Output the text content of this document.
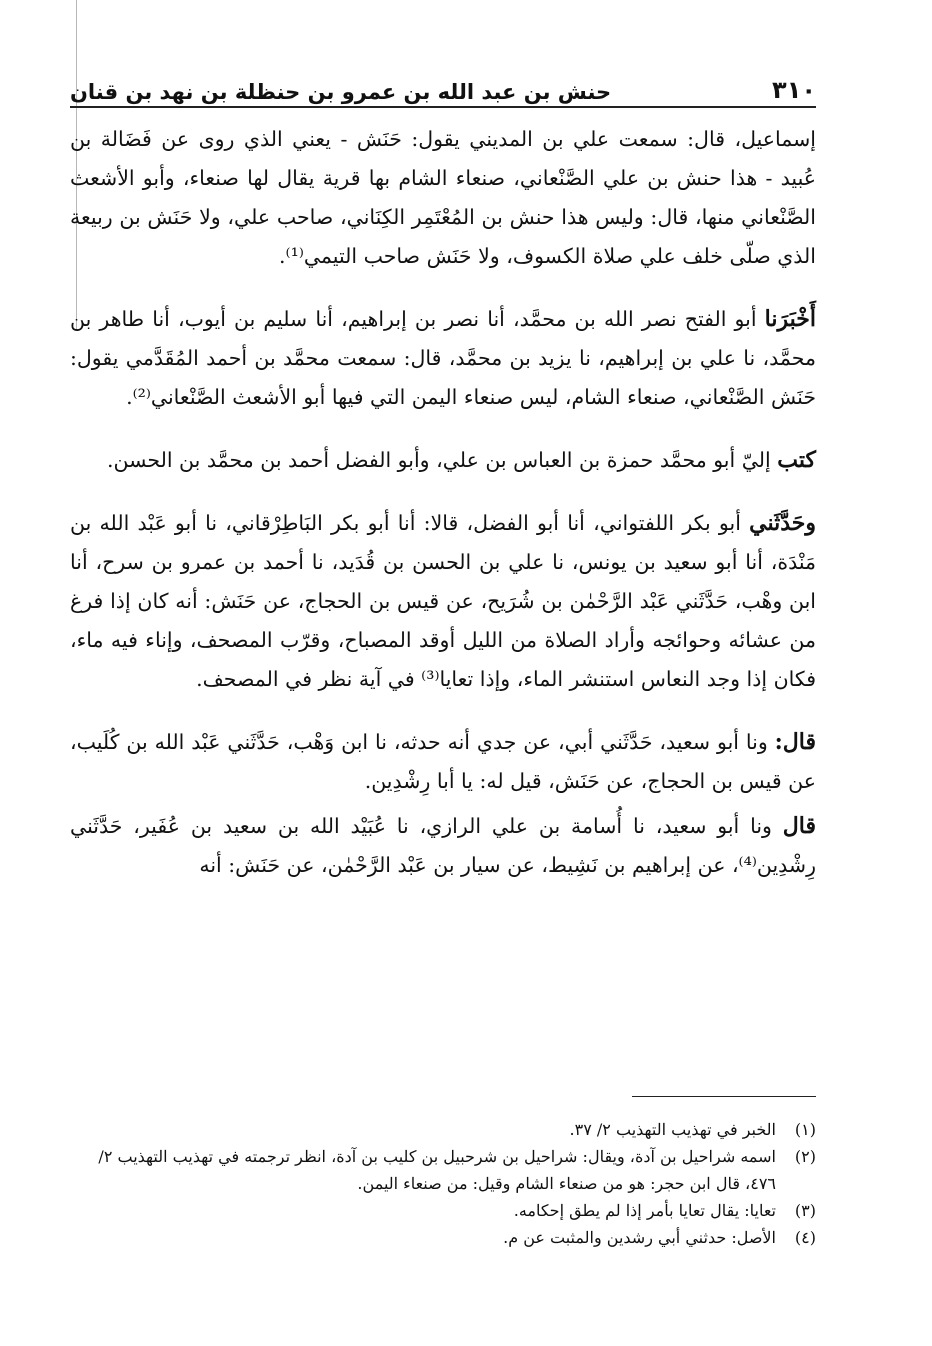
٣١٠
حنش بن عبد الله بن عمرو بن حنظلة بن نهد بن قنان

إسماعيل، قال: سمعت علي بن المديني يقول: حَنَش - يعني الذي روى عن فَضَالة بن عُبيد - هذا حنش بن علي الصَّنْعاني، صنعاء الشام بها قرية يقال لها صنعاء، وأبو الأشعث الصَّنْعاني منها، قال: وليس هذا حنش بن المُعْتَمِر الكِنَاني، صاحب علي، ولا حَنَش بن ربيعة الذي صلّى خلف علي صلاة الكسوف، ولا حَنَش صاحب التيمي⁽¹⁾.

أَخْبَرَنا أبو الفتح نصر الله بن محمَّد، أنا نصر بن إبراهيم، أنا سليم بن أيوب، أنا طاهر بن محمَّد، نا علي بن إبراهيم، نا يزيد بن محمَّد، قال: سمعت محمَّد بن أحمد المُقَدَّمي يقول: حَنَش الصَّنْعاني، صنعاء الشام، ليس صنعاء اليمن التي فيها أبو الأشعث الصَّنْعاني⁽²⁾.

كتب إليّ أبو محمَّد حمزة بن العباس بن علي، وأبو الفضل أحمد بن محمَّد بن الحسن.

وحَدَّثَني أبو بكر اللفتواني، أنا أبو الفضل، قالا: أنا أبو بكر البَاطِرْقاني، نا أبو عَبْد الله بن مَنْدَة، أنا أبو سعيد بن يونس، نا علي بن الحسن بن قُدَيد، نا أحمد بن عمرو بن سرح، أنا ابن وهْب، حَدَّثَني عَبْد الرَّحْمٰن بن شُرَيح، عن قيس بن الحجاج، عن حَنَش: أنه كان إذا فرغ من عشائه وحوائجه وأراد الصلاة من الليل أوقد المصباح، وقرّب المصحف، وإناء فيه ماء، فكان إذا وجد النعاس استنشر الماء، وإذا تعايا⁽³⁾ في آية نظر في المصحف.

قال: ونا أبو سعيد، حَدَّثَني أبي، عن جدي أنه حدثه، نا ابن وَهْب، حَدَّثَني عَبْد الله بن كُلَيب، عن قيس بن الحجاج، عن حَنَش، قيل له: يا أبا رِشْدِين.

قال ونا أبو سعيد، نا أُسامة بن علي الرازي، نا عُبَيْد الله بن سعيد بن عُفَير، حَدَّثَني رِشْدِين⁽⁴⁾، عن إبراهيم بن نَشِيط، عن سيار بن عَبْد الرَّحْمٰن، عن حَنَش: أنه

(١)
الخبر في تهذيب التهذيب ٢/ ٣٧.
(٢)
اسمه شراحيل بن آدة، ويقال: شراحيل بن شرحبيل بن كليب بن آدة، انظر ترجمته في تهذيب التهذيب ٢/ ٤٧٦، قال ابن حجر: هو من صنعاء الشام وقيل: من صنعاء اليمن.
(٣)
تعايا: يقال تعايا بأمر إذا لم يطق إحكامه.
(٤)
الأصل: حدثني أبي رشدين والمثبت عن م.
